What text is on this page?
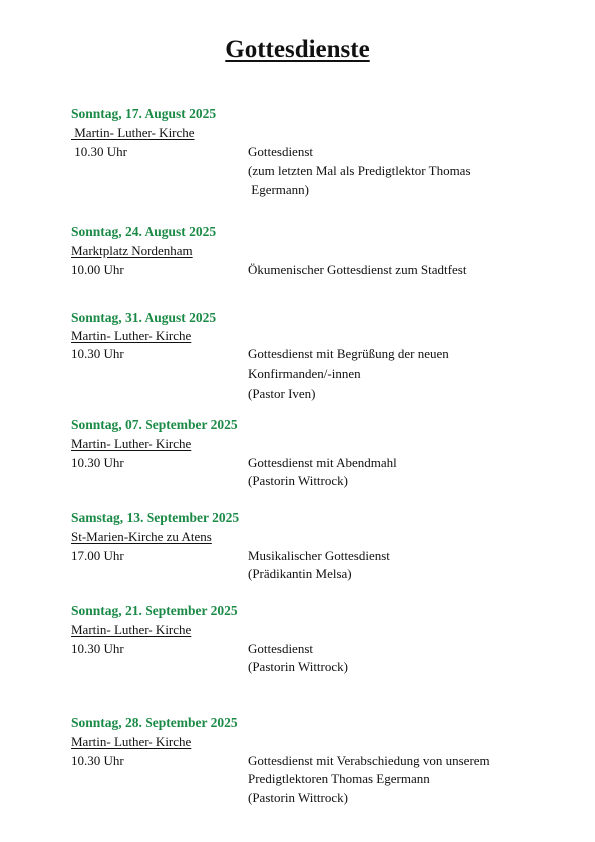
Gottesdienste
Sonntag, 17. August 2025
Martin- Luther- Kirche
10.30 Uhr	Gottesdienst
(zum letzten Mal als Predigtlektor Thomas
Egermann)
Sonntag, 24. August 2025
Marktplatz Nordenham
10.00 Uhr	Ökumenischer Gottesdienst zum Stadtfest
Sonntag, 31. August 2025
Martin- Luther- Kirche
10.30 Uhr	Gottesdienst mit Begrüßung der neuen
Konfirmanden/-innen
(Pastor Iven)
Sonntag, 07. September 2025
Martin- Luther- Kirche
10.30 Uhr	Gottesdienst mit Abendmahl
(Pastorin Wittrock)
Samstag, 13. September 2025
St-Marien-Kirche zu Atens
17.00 Uhr	Musikalischer Gottesdienst
(Prädikantin Melsa)
Sonntag, 21. September 2025
Martin- Luther- Kirche
10.30 Uhr	Gottesdienst
(Pastorin Wittrock)
Sonntag, 28. September 2025
Martin- Luther- Kirche
10.30 Uhr	Gottesdienst mit Verabschiedung von unserem
Predigtlektoren Thomas Egermann
(Pastorin Wittrock)
